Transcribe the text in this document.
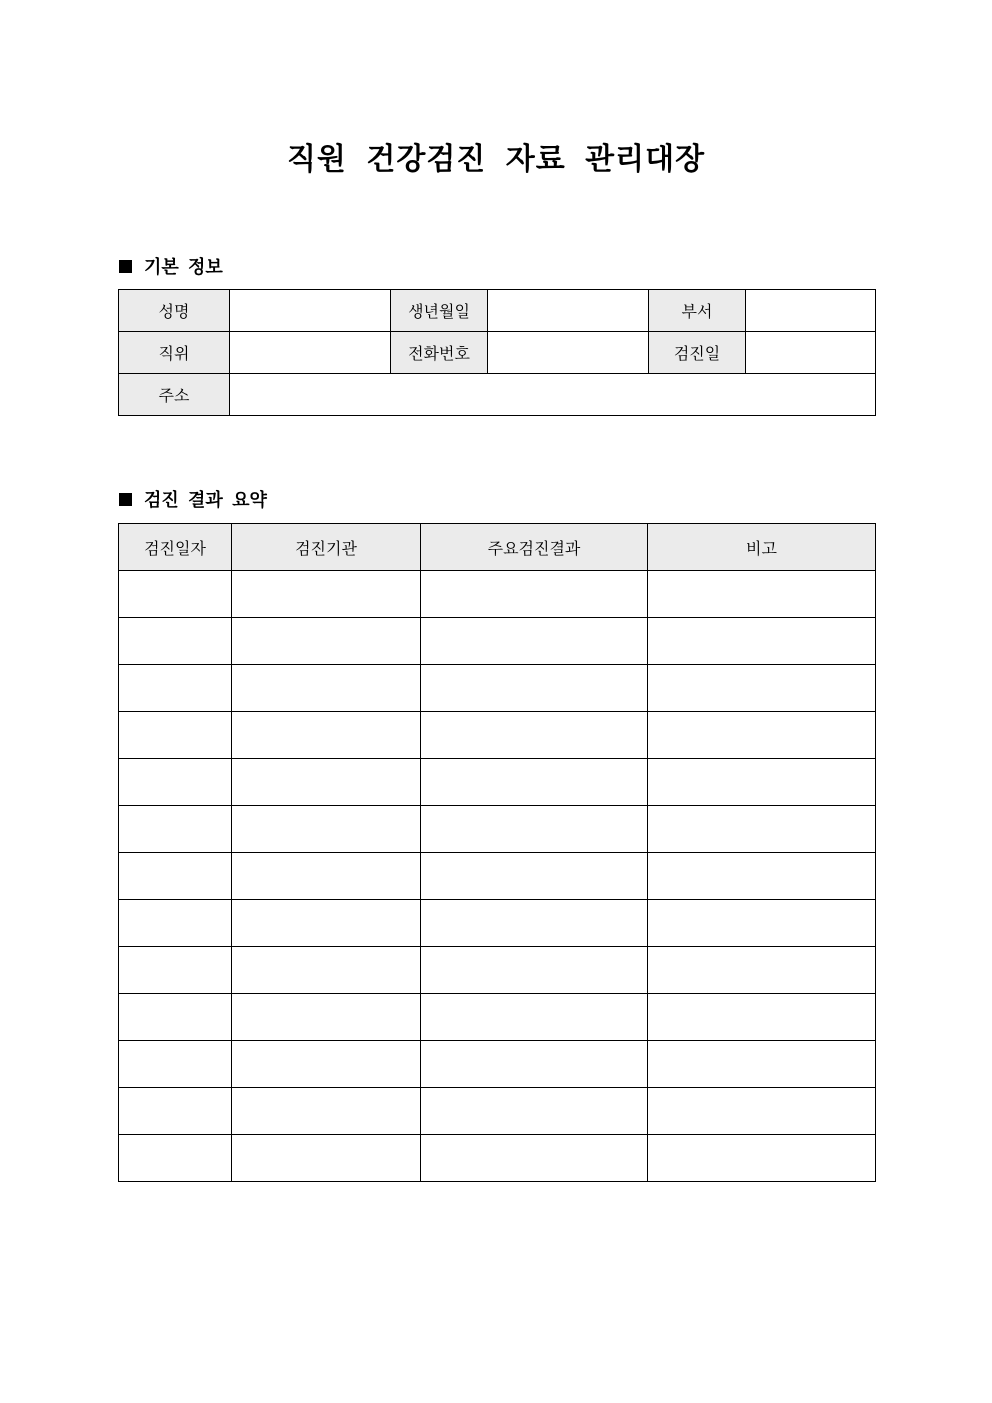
직원 건강검진 자료 관리대장
기본 정보
성명		생년월일		부서	
직위		전화번호		검진일	
주소					
검진 결과 요약
검진일자	검진기관	주요검진결과	비고
